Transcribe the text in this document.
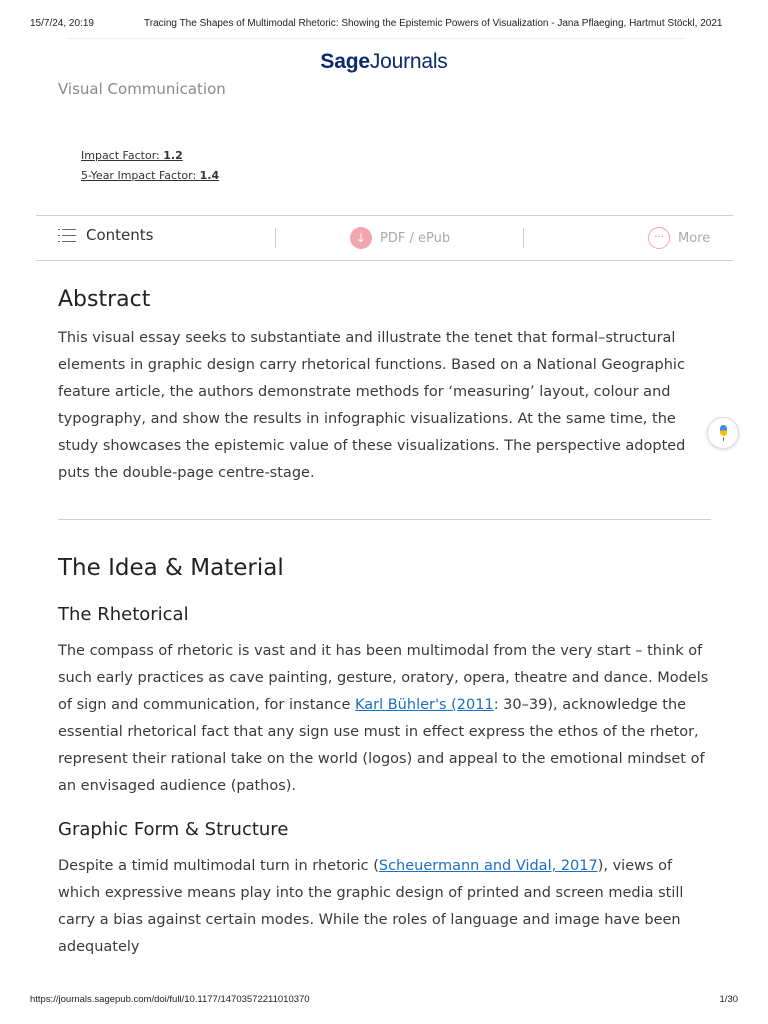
15/7/24, 20:19	Tracing The Shapes of Multimodal Rhetoric: Showing the Epistemic Powers of Visualization - Jana Pflaeging, Hartmut Stöckl, 2021
SageJournals
Visual Communication
Impact Factor: 1.2
5-Year Impact Factor: 1.4
Contents	↓	PDF / ePub	···	More
Abstract

This visual essay seeks to substantiate and illustrate the tenet that formal–structural elements in graphic design carry rhetorical functions. Based on a National Geographic feature article, the authors demonstrate methods for ‘measuring’ layout, colour and typography, and show the results in infographic visualizations. At the same time, the study showcases the epistemic value of these visualizations. The perspective adopted puts the double-page centre-stage.

The Idea & Material
The Rhetorical

The compass of rhetoric is vast and it has been multimodal from the very start – think of such early practices as cave painting, gesture, oratory, opera, theatre and dance. Models of sign and communication, for instance Karl Bühler's (2011: 30–39), acknowledge the essential rhetorical fact that any sign use must in effect express the ethos of the rhetor, represent their rational take on the world (logos) and appeal to the emotional mindset of an envisaged audience (pathos).

Graphic Form & Structure

Despite a timid multimodal turn in rhetoric (Scheuermann and Vidal, 2017), views of which expressive means play into the graphic design of printed and screen media still carry a bias against certain modes. While the roles of language and image have been adequately

https://journals.sagepub.com/doi/full/10.1177/14703572211010370	1/30
